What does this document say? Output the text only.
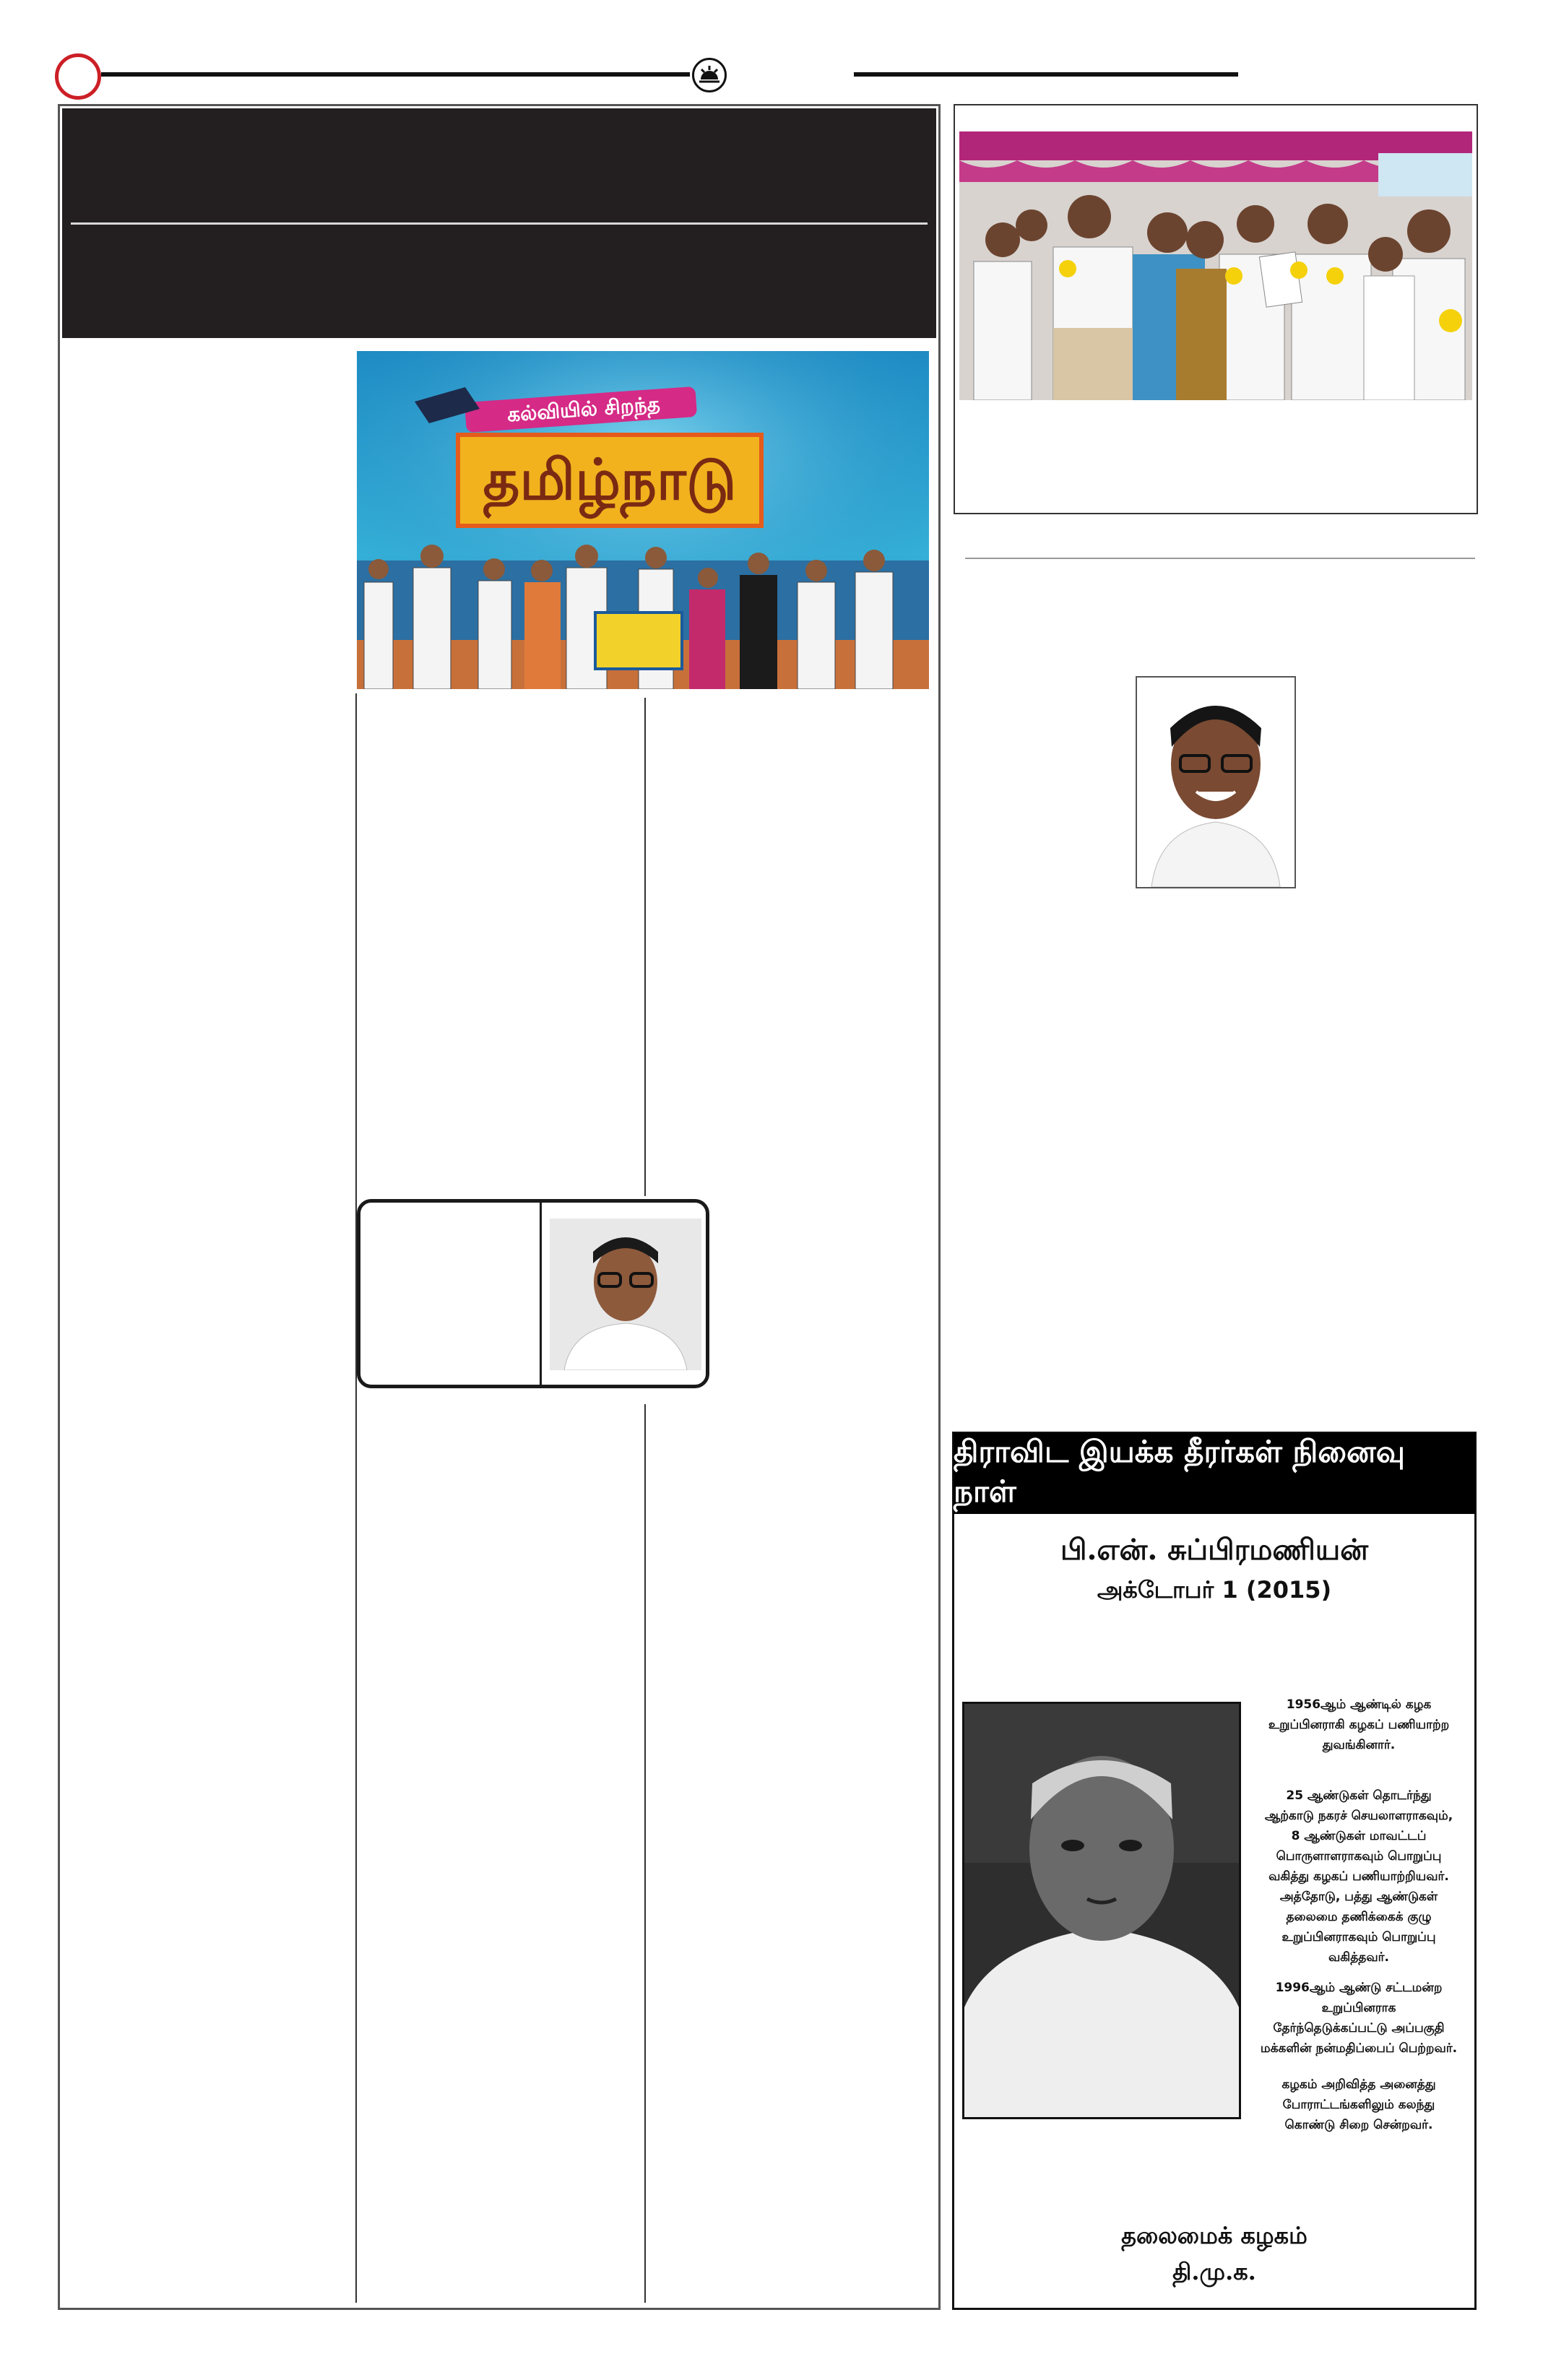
கல்வியில் சிறந்த
தமிழ்நாடு
திராவிட இயக்க தீரர்கள் நினைவு நாள்
பி.என். சுப்பிரமணியன்
அக்டோபர் 1 (2015)
1956ஆம் ஆண்டில் கழக
உறுப்பினராகி கழகப் பணியாற்ற
துவங்கினார்.
25 ஆண்டுகள் தொடர்ந்து
ஆற்காடு நகரச் செயலாளராகவும்,
8 ஆண்டுகள் மாவட்டப்
பொருளாளராகவும் பொறுப்பு
வகித்து கழகப் பணியாற்றியவர்.
அத்தோடு, பத்து ஆண்டுகள்
தலைமை தணிக்கைக் குழு
உறுப்பினராகவும் பொறுப்பு
வகித்தவர்.
1996ஆம் ஆண்டு சட்டமன்ற
உறுப்பினராக
தேர்ந்தெடுக்கப்பட்டு அப்பகுதி
மக்களின் நன்மதிப்பைப் பெற்றவர்.
கழகம் அறிவித்த அனைத்து
போராட்டங்களிலும் கலந்து
கொண்டு சிறை சென்றவர்.
தலைமைக் கழகம்
தி.மு.க.
